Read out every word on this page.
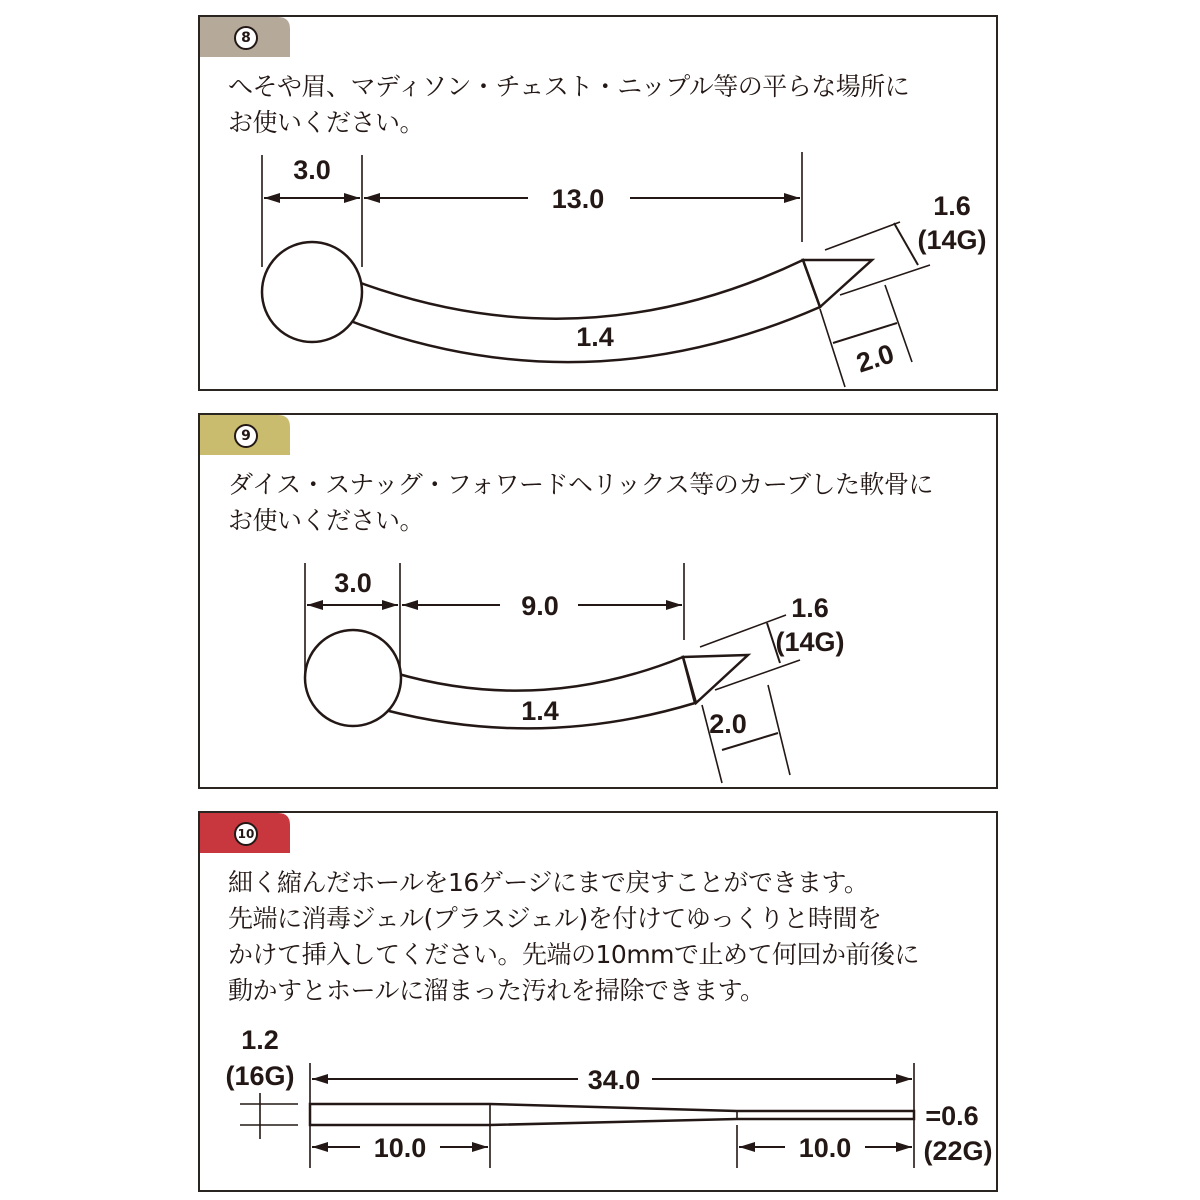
8
へそや眉、マディソン・チェスト・ニップル等の平らな場所に
お使いください。
3.0
13.0
1.4
1.6
(14G)
2.0
9
ダイス・スナッグ・フォワードヘリックス等のカーブした軟骨に
お使いください。
3.0
9.0
1.4
1.6
(14G)
2.0
10
細く縮んだホールを16ゲージにまで戻すことができます。
先端に消毒ジェル(プラスジェル)を付けてゆっくりと時間を
かけて挿入してください。先端の10mmで止めて何回か前後に
動かすとホールに溜まった汚れを掃除できます。
1.2
(16G)	34.0
10.0	10.0
=0.6
(22G)
